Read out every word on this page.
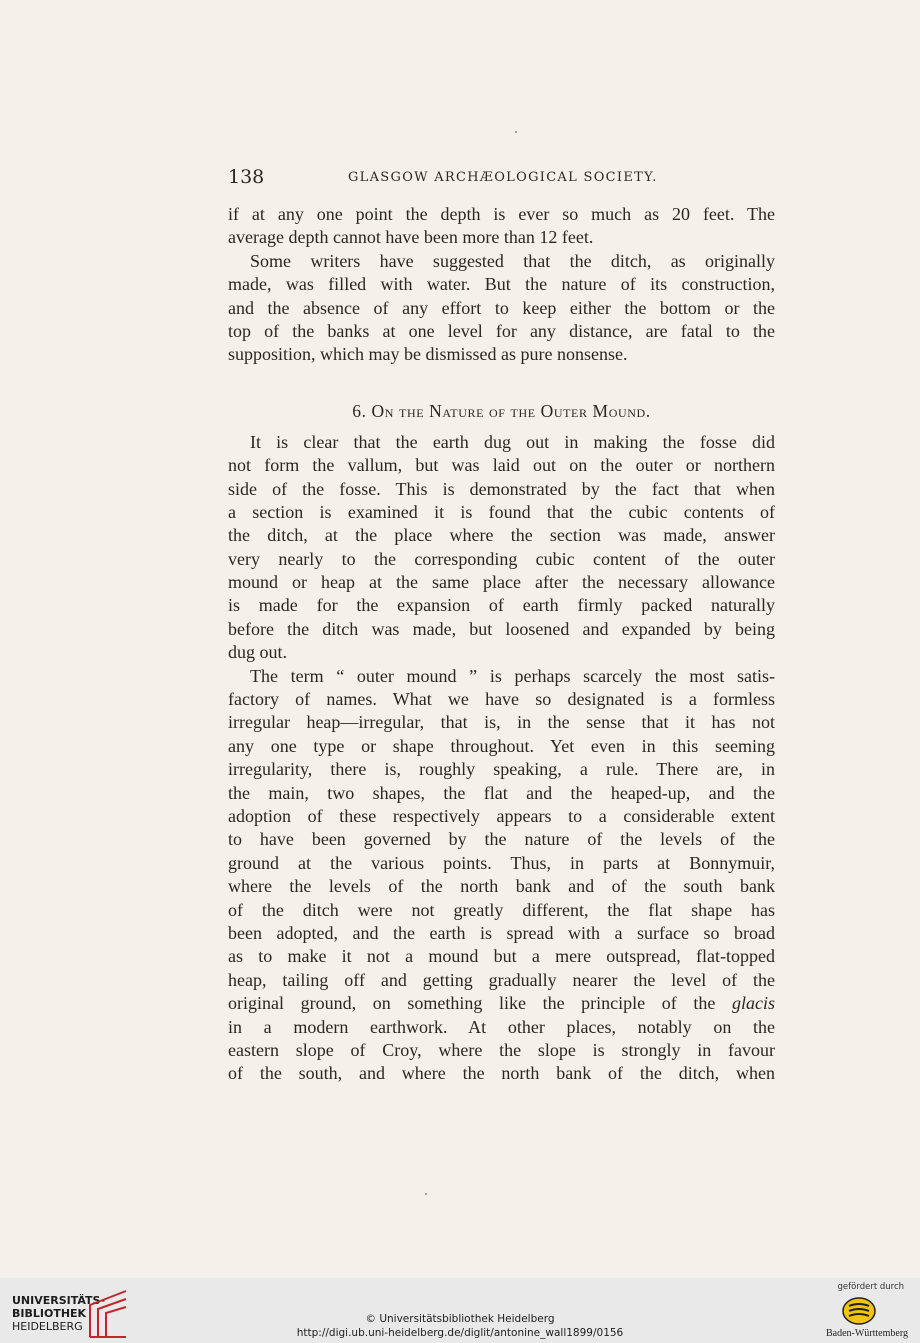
138	GLASGOW ARCHÆOLOGICAL SOCIETY.
if at any one point the depth is ever so much as 20 feet. The
average depth cannot have been more than 12 feet.
Some writers have suggested that the ditch, as originally
made, was filled with water. But the nature of its construction,
and the absence of any effort to keep either the bottom or the
top of the banks at one level for any distance, are fatal to the
supposition, which may be dismissed as pure nonsense.
6. On the Nature of the Outer Mound.
It is clear that the earth dug out in making the fosse did
not form the vallum, but was laid out on the outer or northern
side of the fosse. This is demonstrated by the fact that when
a section is examined it is found that the cubic contents of
the ditch, at the place where the section was made, answer
very nearly to the corresponding cubic content of the outer
mound or heap at the same place after the necessary allowance
is made for the expansion of earth firmly packed naturally
before the ditch was made, but loosened and expanded by being
dug out.
The term “ outer mound ” is perhaps scarcely the most satis-
factory of names. What we have so designated is a formless
irregular heap—irregular, that is, in the sense that it has not
any one type or shape throughout. Yet even in this seeming
irregularity, there is, roughly speaking, a rule. There are, in
the main, two shapes, the flat and the heaped-up, and the
adoption of these respectively appears to a considerable extent
to have been governed by the nature of the levels of the
ground at the various points. Thus, in parts at Bonnymuir,
where the levels of the north bank and of the south bank
of the ditch were not greatly different, the flat shape has
been adopted, and the earth is spread with a surface so broad
as to make it not a mound but a mere outspread, flat-topped
heap, tailing off and getting gradually nearer the level of the
original ground, on something like the principle of the glacis
in a modern earthwork. At other places, notably on the
eastern slope of Croy, where the slope is strongly in favour
of the south, and where the north bank of the ditch, when
UNIVERSITÄTS-
BIBLIOTHEK
HEIDELBERG
© Universitätsbibliothek Heidelberg
http://digi.ub.uni-heidelberg.de/diglit/antonine_wall1899/0156
gefördert durch
Baden-Württemberg
